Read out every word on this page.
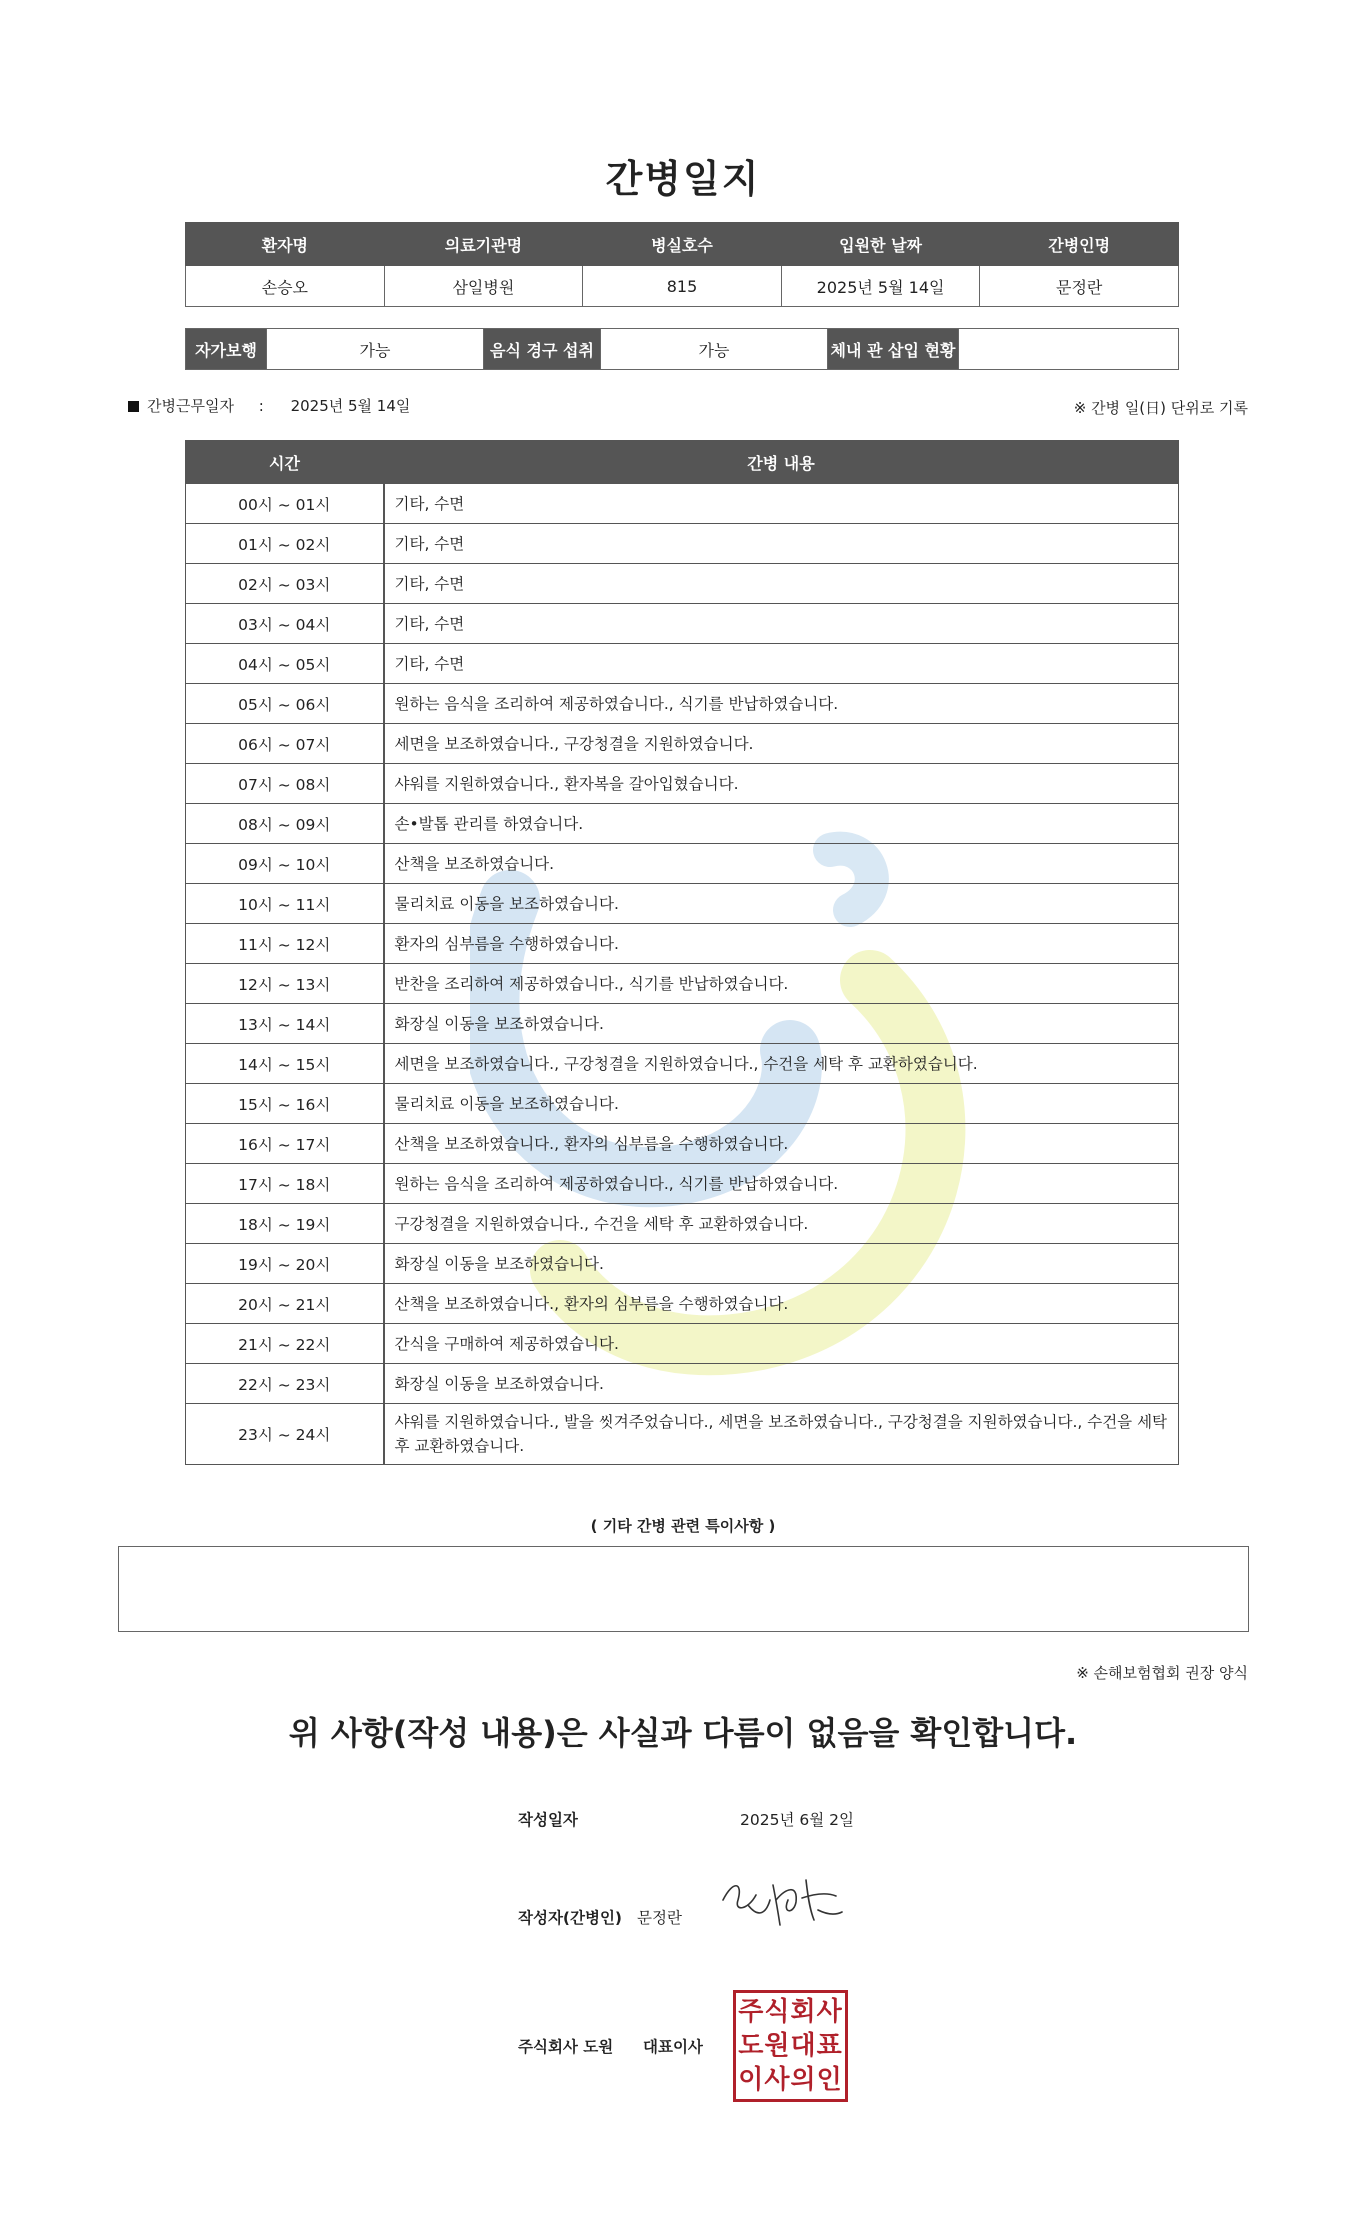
간병일지
환자명	의료기관명	병실호수	입원한 날짜	간병인명
손승오	삼일병원	815	2025년 5월 14일	문정란
자가보행	가능	음식 경구 섭취	가능	체내 관 삽입 현황	
간병근무일자 : 2025년 5월 14일	※ 간병 일(日) 단위로 기록
시간	간병 내용
00시 ~ 01시	기타, 수면
01시 ~ 02시	기타, 수면
02시 ~ 03시	기타, 수면
03시 ~ 04시	기타, 수면
04시 ~ 05시	기타, 수면
05시 ~ 06시	원하는 음식을 조리하여 제공하였습니다., 식기를 반납하였습니다.
06시 ~ 07시	세면을 보조하였습니다., 구강청결을 지원하였습니다.
07시 ~ 08시	샤워를 지원하였습니다., 환자복을 갈아입혔습니다.
08시 ~ 09시	손•발톱 관리를 하였습니다.
09시 ~ 10시	산책을 보조하였습니다.
10시 ~ 11시	물리치료 이동을 보조하였습니다.
11시 ~ 12시	환자의 심부름을 수행하였습니다.
12시 ~ 13시	반찬을 조리하여 제공하였습니다., 식기를 반납하였습니다.
13시 ~ 14시	화장실 이동을 보조하였습니다.
14시 ~ 15시	세면을 보조하였습니다., 구강청결을 지원하였습니다., 수건을 세탁 후 교환하였습니다.
15시 ~ 16시	물리치료 이동을 보조하였습니다.
16시 ~ 17시	산책을 보조하였습니다., 환자의 심부름을 수행하였습니다.
17시 ~ 18시	원하는 음식을 조리하여 제공하였습니다., 식기를 반납하였습니다.
18시 ~ 19시	구강청결을 지원하였습니다., 수건을 세탁 후 교환하였습니다.
19시 ~ 20시	화장실 이동을 보조하였습니다.
20시 ~ 21시	산책을 보조하였습니다., 환자의 심부름을 수행하였습니다.
21시 ~ 22시	간식을 구매하여 제공하였습니다.
22시 ~ 23시	화장실 이동을 보조하였습니다.
23시 ~ 24시	샤워를 지원하였습니다., 발을 씻겨주었습니다., 세면을 보조하였습니다., 구강청결을 지원하였습니다., 수건을 세탁 후 교환하였습니다.
( 기타 간병 관련 특이사항 )
※ 손해보험협회 권장 양식
위 사항(작성 내용)은 사실과 다름이 없음을 확인합니다.
작성일자	2025년 6월 2일
작성자(간병인) 문정란
주식회사 도원 대표이사
주식회사
도원대표
이사의인
